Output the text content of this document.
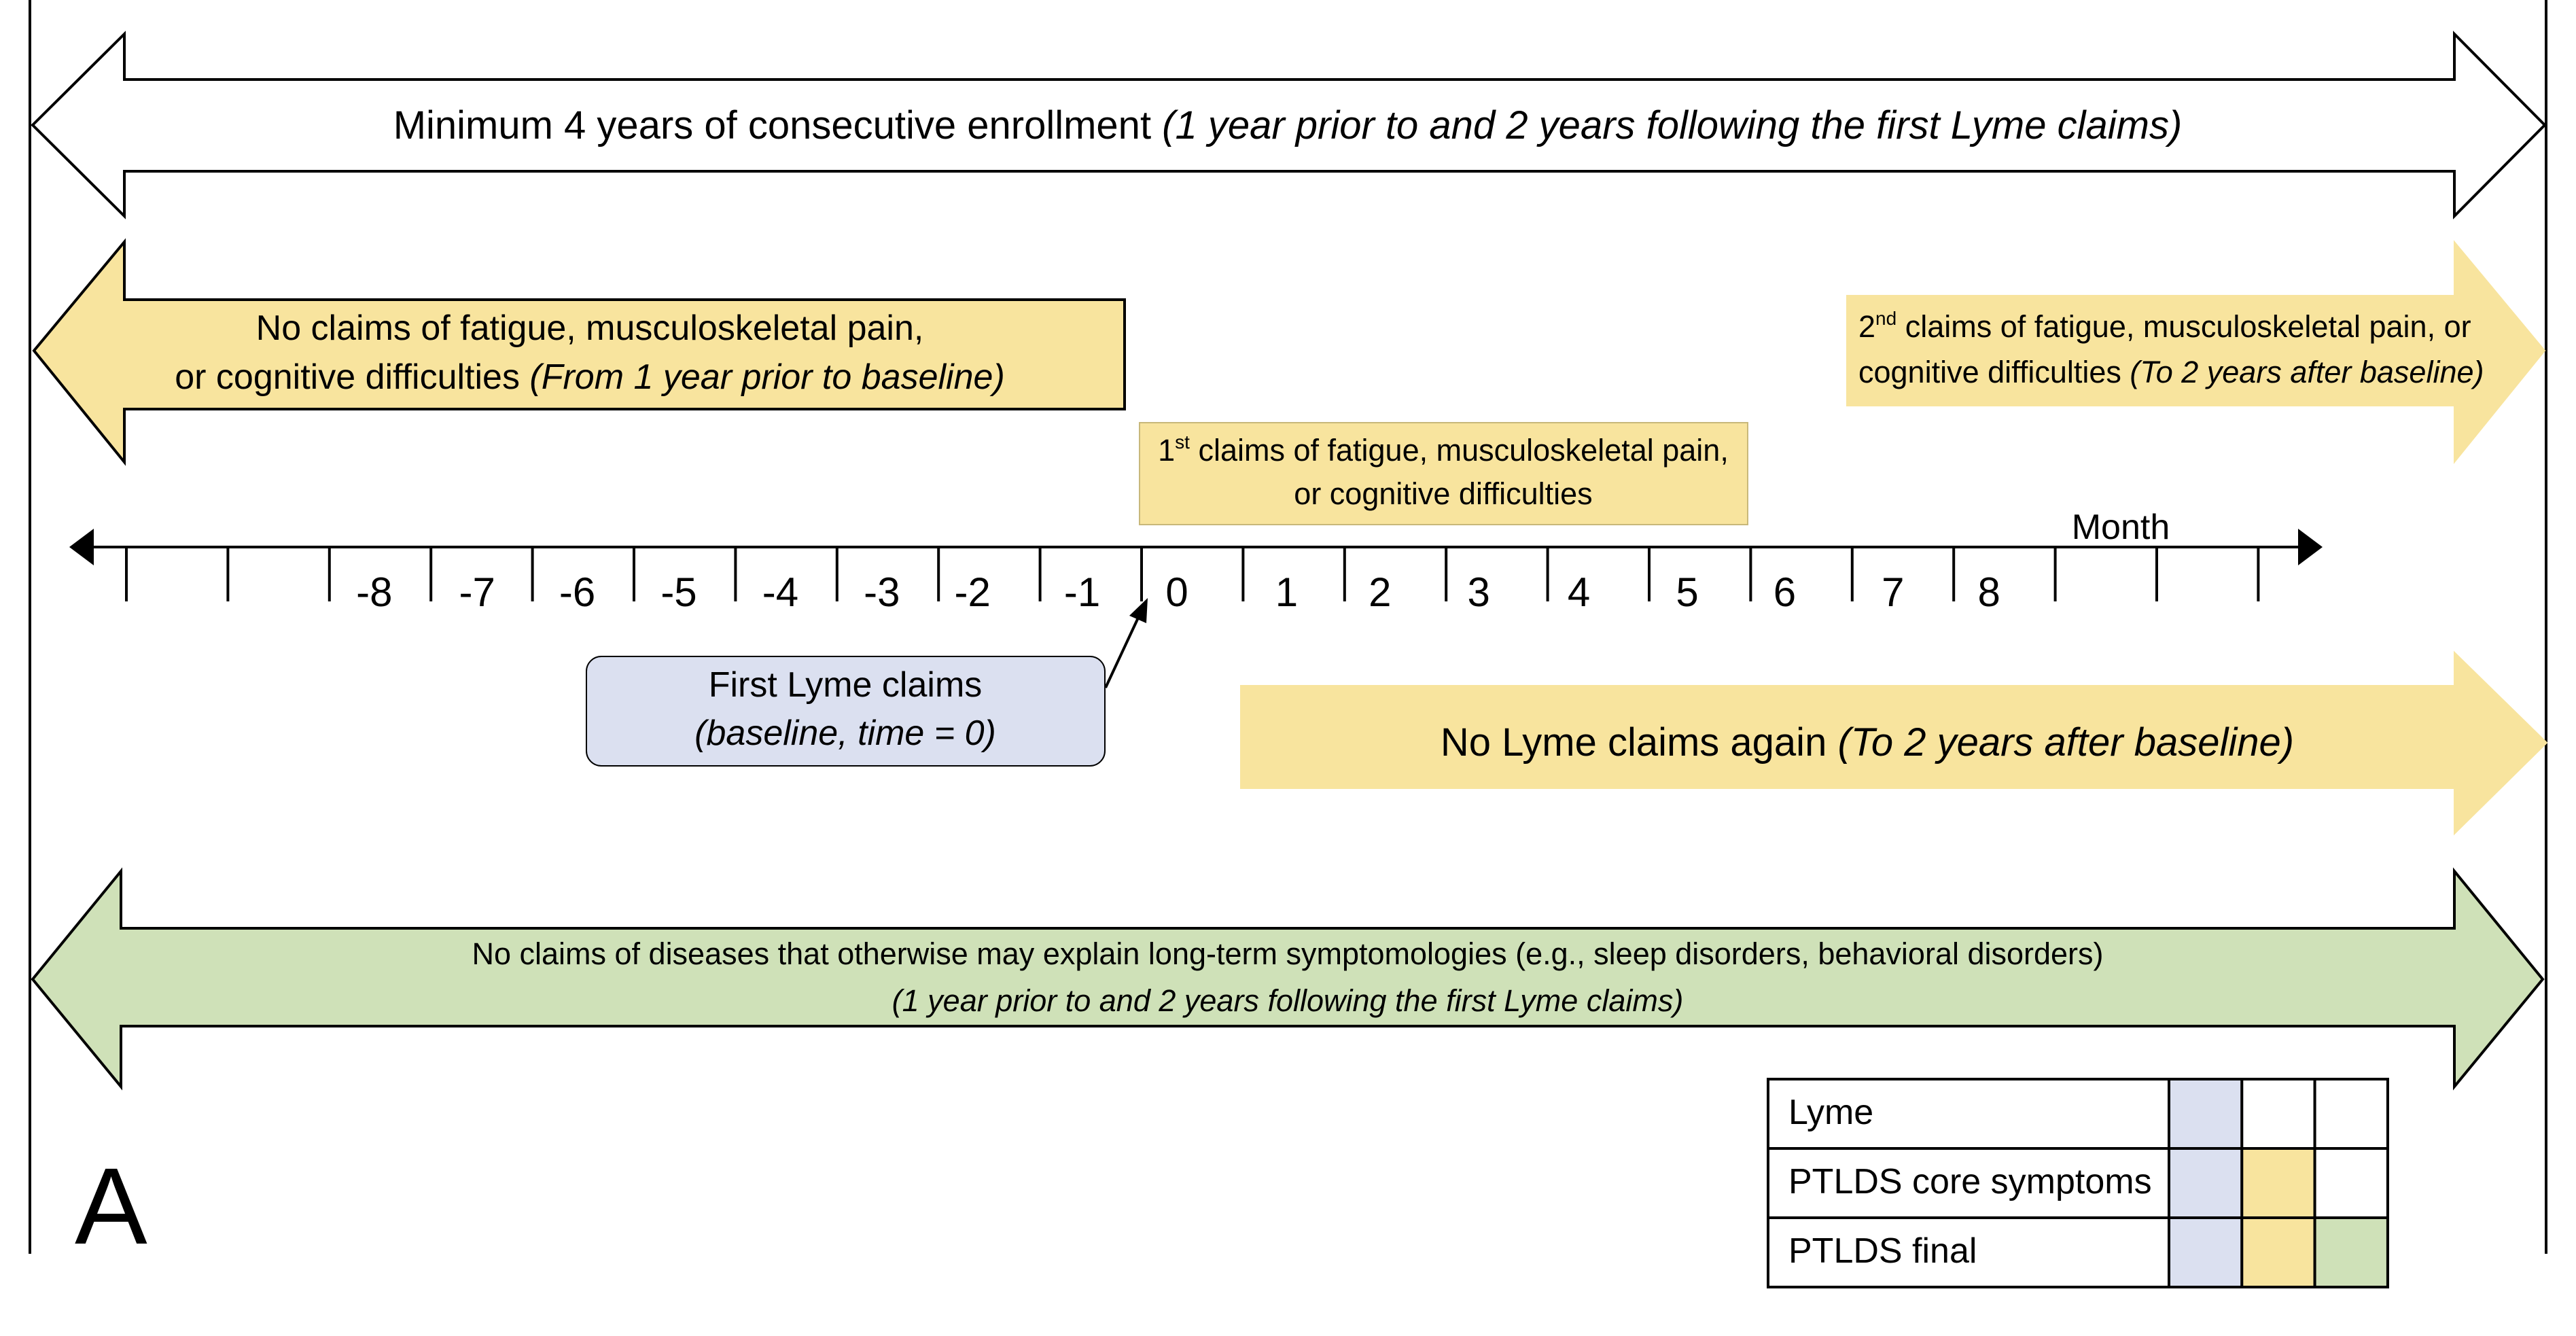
Minimum 4 years of consecutive enrollment (1 year prior to and 2 years following the first Lyme claims)
No claims of fatigue, musculoskeletal pain,
or cognitive difficulties (From 1 year prior to baseline)
2nd claims of fatigue, musculoskeletal pain, or
cognitive difficulties (To 2 years after baseline)
1st claims of fatigue, musculoskeletal pain,
or cognitive difficulties
Month
-8 -7 -6 -5 -4 -3 -2 -1 0 1 2 3 4 5 6 7 8
First Lyme claims
(baseline, time = 0)	No Lyme claims again (To 2 years after baseline)
No claims of diseases that otherwise may explain long-term symptomologies (e.g., sleep disorders, behavioral disorders)
(1 year prior to and 2 years following the first Lyme claims)
A
Lyme
PTLDS core symptoms
PTLDS final
